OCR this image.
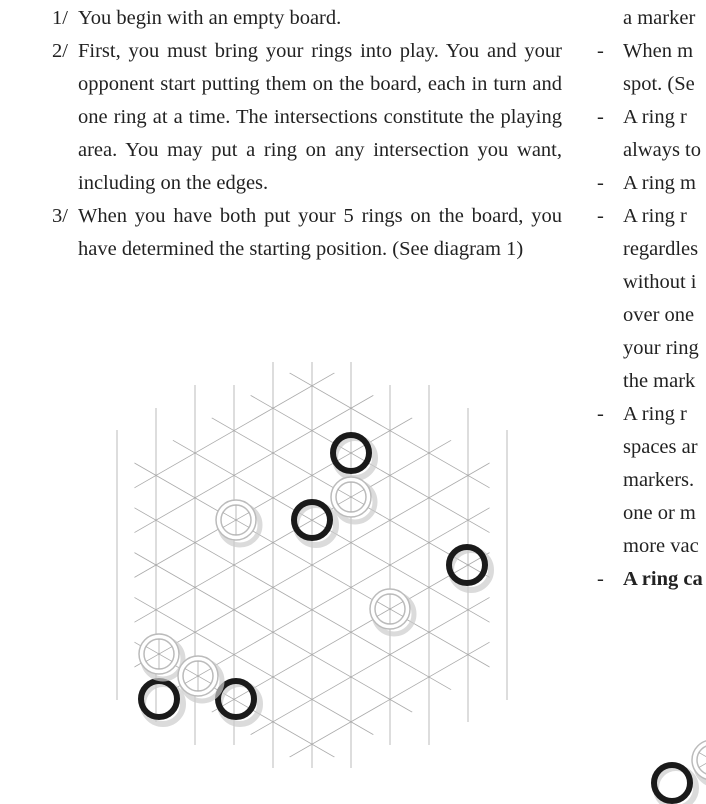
1/ You begin with an empty board.
2/ First, you must bring your rings into play. You and your opponent start putting them on the board, each in turn and one ring at a time. The intersections constitute the playing area. You may put a ring on any intersection you want, including on the edges.
3/ When you have both put your 5 rings on the board, you have determined the starting position. (See diagram 1)
a marker
- When m
spot. (Se
- A ring r
always to
- A ring m
- A ring r
regardles
without i
over one
your ring
the mark
- A ring r
spaces ar
markers.
one or m
more vac
- A ring ca
